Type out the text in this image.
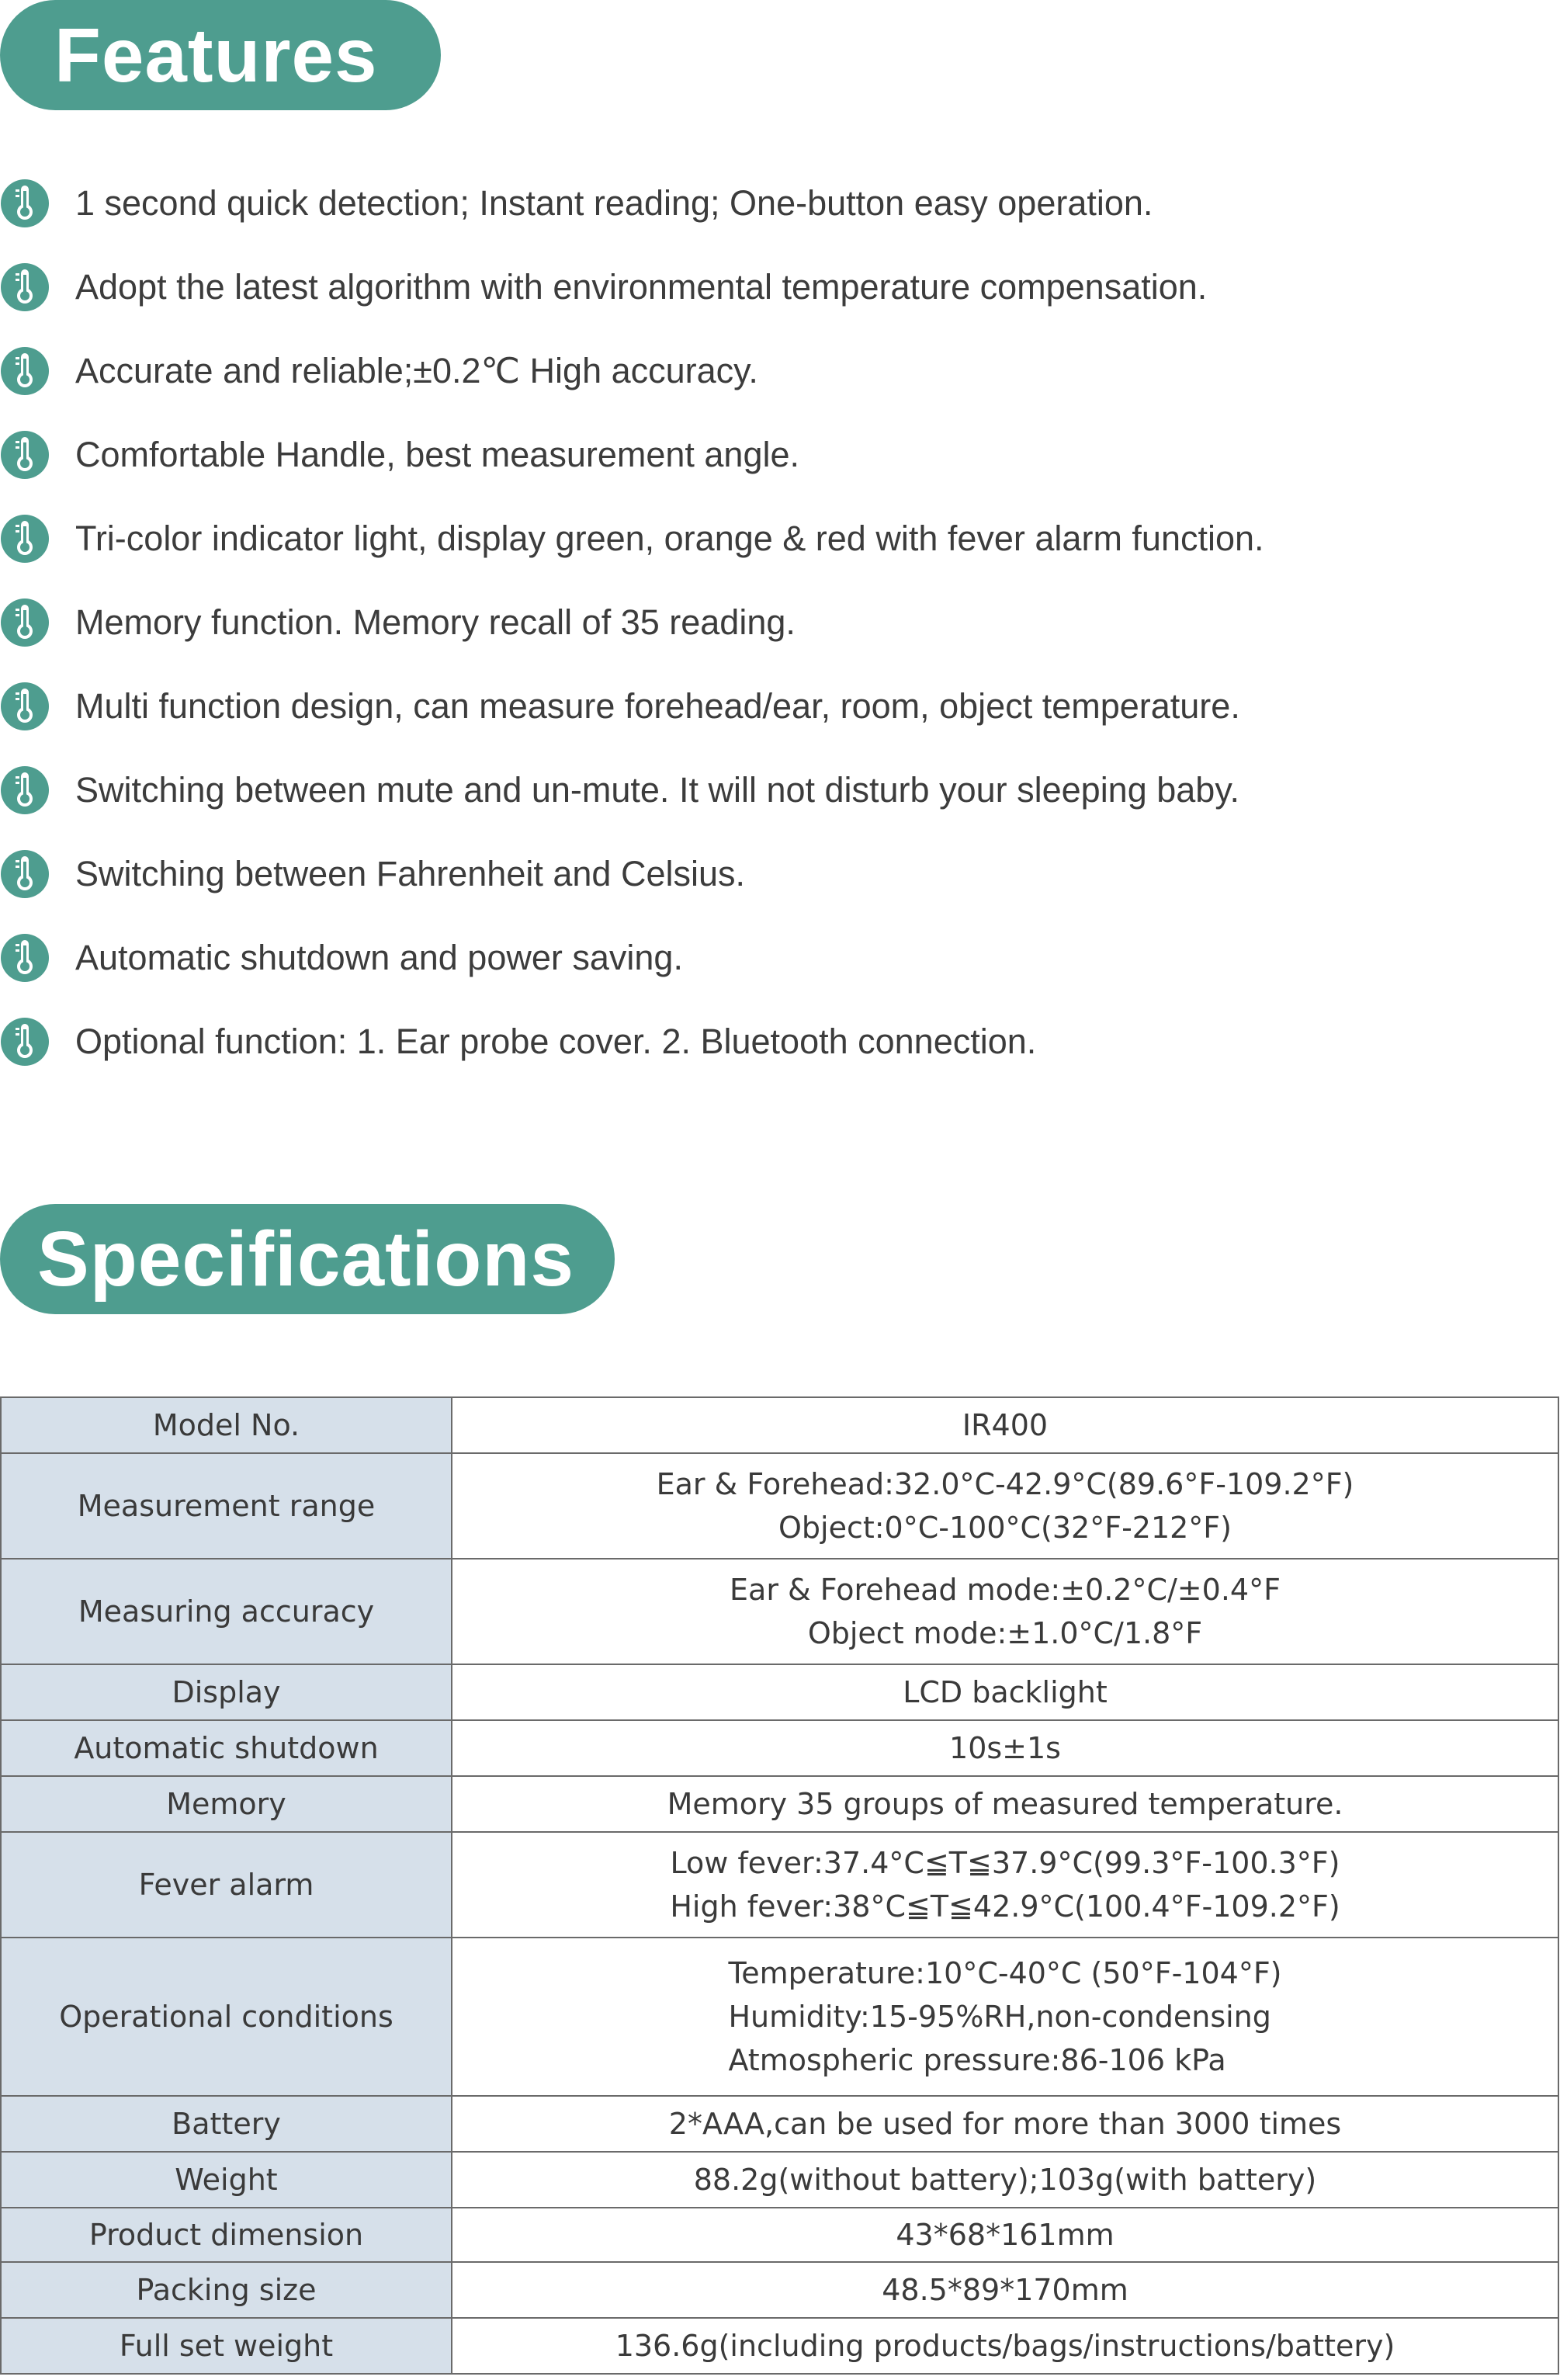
Features
1 second quick detection; Instant reading; One-button easy operation.
Adopt the latest algorithm with environmental temperature compensation.
Accurate and reliable;±0.2℃ High accuracy.
Comfortable Handle, best measurement angle.
Tri-color indicator light, display green, orange & red with fever alarm function.
Memory function. Memory recall of 35 reading.
Multi function design, can measure forehead/ear, room, object temperature.
Switching between mute and un-mute. It will not disturb your sleeping baby.
Switching between Fahrenheit and Celsius.
Automatic shutdown and power saving.
Optional function: 1. Ear probe cover. 2. Bluetooth connection.
Specifications
Model No.	IR400

Measurement range	Ear & Forehead:32.0°C-42.9°C(89.6°F-109.2°F)
Object:0°C-100°C(32°F-212°F)

Measuring accuracy	Ear & Forehead mode:±0.2°C/±0.4°F
Object mode:±1.0°C/1.8°F

Display	LCD backlight

Automatic shutdown	10s±1s

Memory	Memory 35 groups of measured temperature.

Fever alarm	Low fever:37.4°C≦T≦37.9°C(99.3°F-100.3°F)
High fever:38°C≦T≦42.9°C(100.4°F-109.2°F)

Operational conditions	Temperature:10°C-40°C (50°F-104°F)
Humidity:15-95%RH,non-condensing
Atmospheric pressure:86-106 kPa

Battery	2*AAA,can be used for more than 3000 times

Weight	88.2g(without battery);103g(with battery)

Product dimension	43*68*161mm

Packing size	48.5*89*170mm

Full set weight	136.6g(including products/bags/instructions/battery)
